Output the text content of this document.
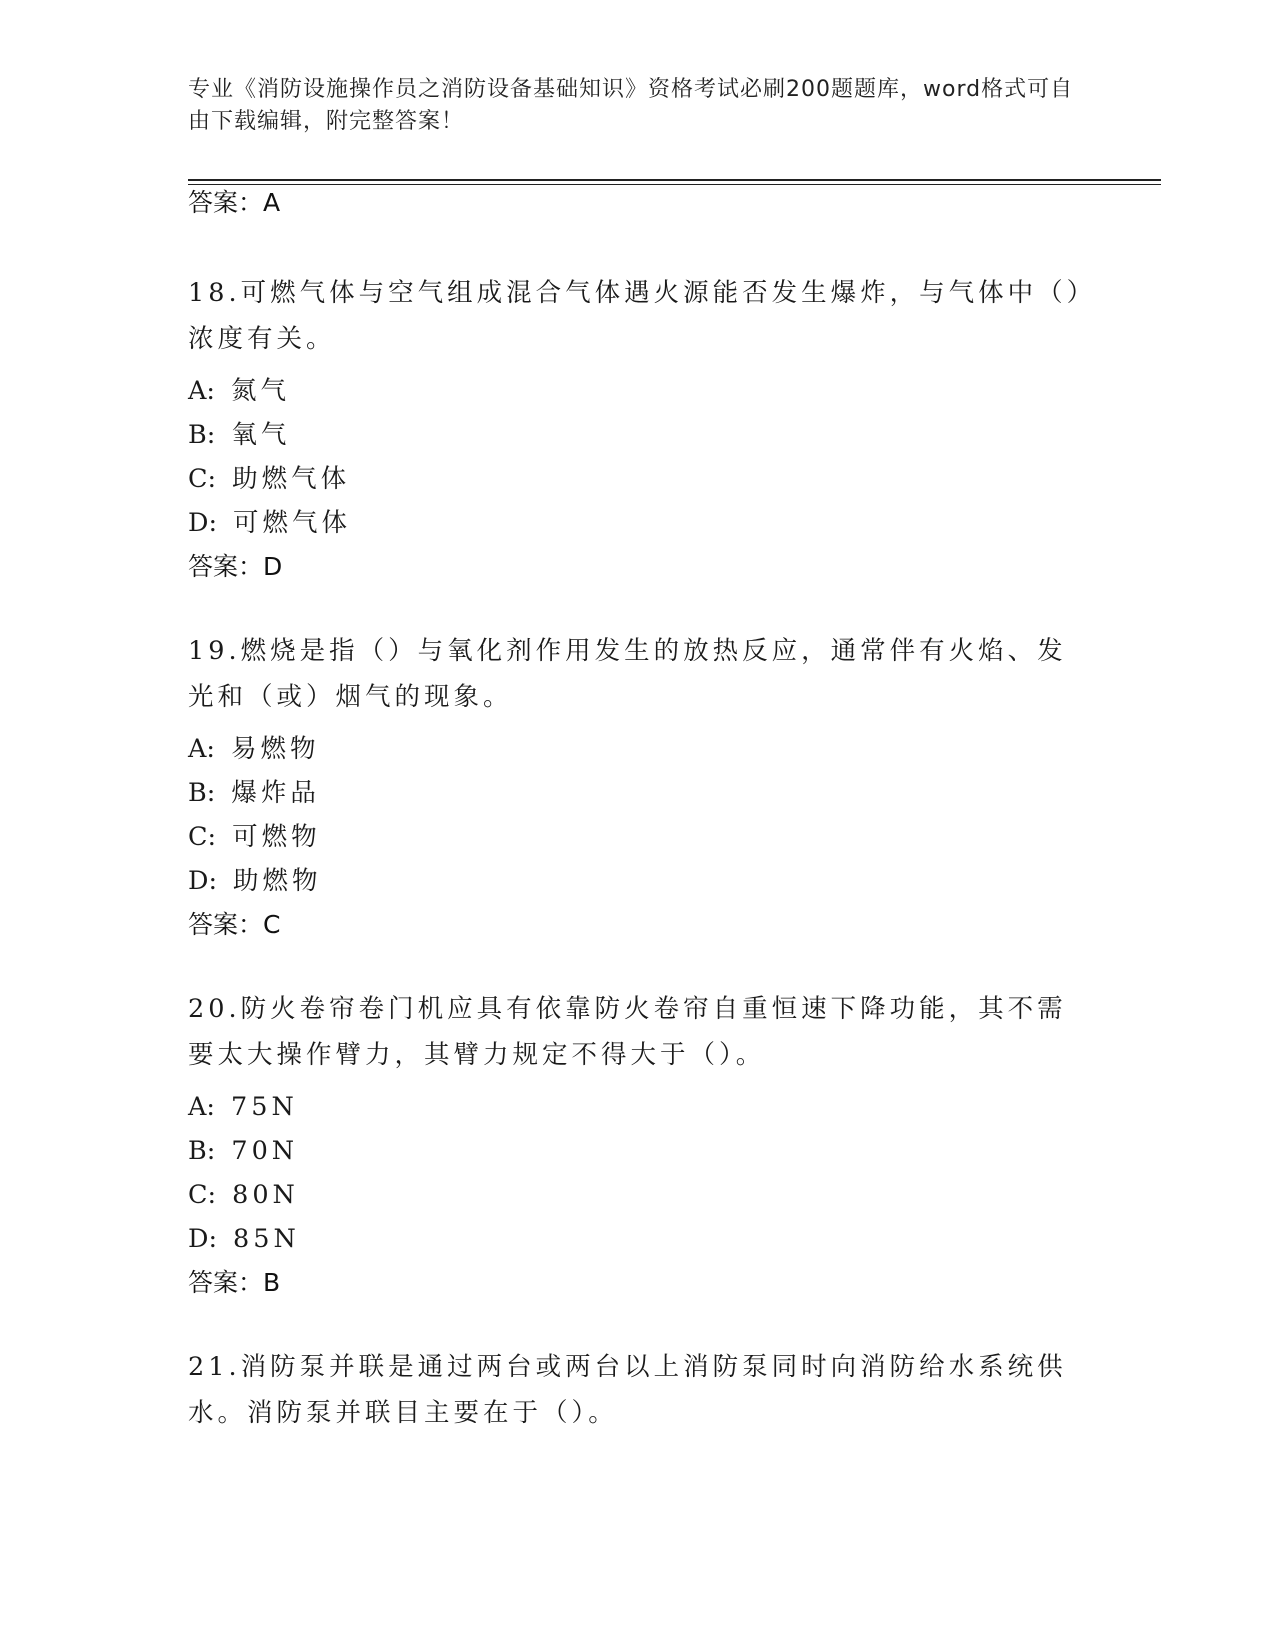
专业《消防设施操作员之消防设备基础知识》资格考试必刷200题题库，word格式可自由下载编辑，附完整答案！
答案：A
18.可燃气体与空气组成混合气体遇火源能否发生爆炸，与气体中（）浓度有关。
A: 氮气
B: 氧气
C: 助燃气体
D: 可燃气体
答案：D
19.燃烧是指（）与氧化剂作用发生的放热反应，通常伴有火焰、发光和（或）烟气的现象。
A: 易燃物
B: 爆炸品
C: 可燃物
D: 助燃物
答案：C
20.防火卷帘卷门机应具有依靠防火卷帘自重恒速下降功能，其不需要太大操作臂力，其臂力规定不得大于（）。
A: 75N
B: 70N
C: 80N
D: 85N
答案：B
21.消防泵并联是通过两台或两台以上消防泵同时向消防给水系统供水。消防泵并联目主要在于（）。
